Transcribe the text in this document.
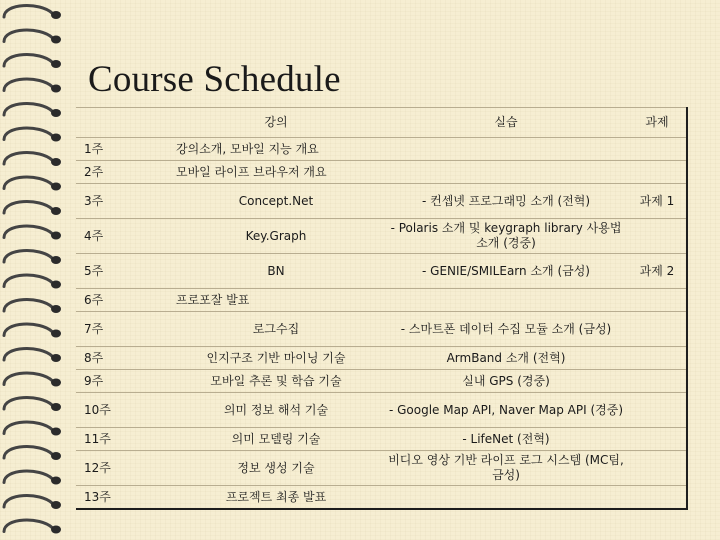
Course Schedule
	강의	실습	과제
1주	강의소개, 모바일 지능 개요		
2주	모바일 라이프 브라우저 개요		
3주	Concept.Net	- 컨셉넷 프로그래밍 소개 (전혁)	과제 1
4주	Key.Graph	- Polaris 소개 및 keygraph library 사용법 소개 (경중)	
5주	BN	- GENIE/SMILEarn 소개 (금성)	과제 2
6주	프로포잘 발표		
7주	로그수집	- 스마트폰 데이터 수집 모듈 소개 (금성)	
8주	인지구조 기반 마이닝 기술	ArmBand 소개 (전혁)	
9주	모바일 추론 및 학습 기술	실내 GPS (경중)	
10주	의미 정보 해석 기술	- Google Map API, Naver Map API (경중)	
11주	의미 모델링 기술	- LifeNet (전혁)	
12주	정보 생성 기술	비디오 영상 기반 라이프 로그 시스템 (MC팀, 금성)	
13주	프로젝트 최종 발표		
